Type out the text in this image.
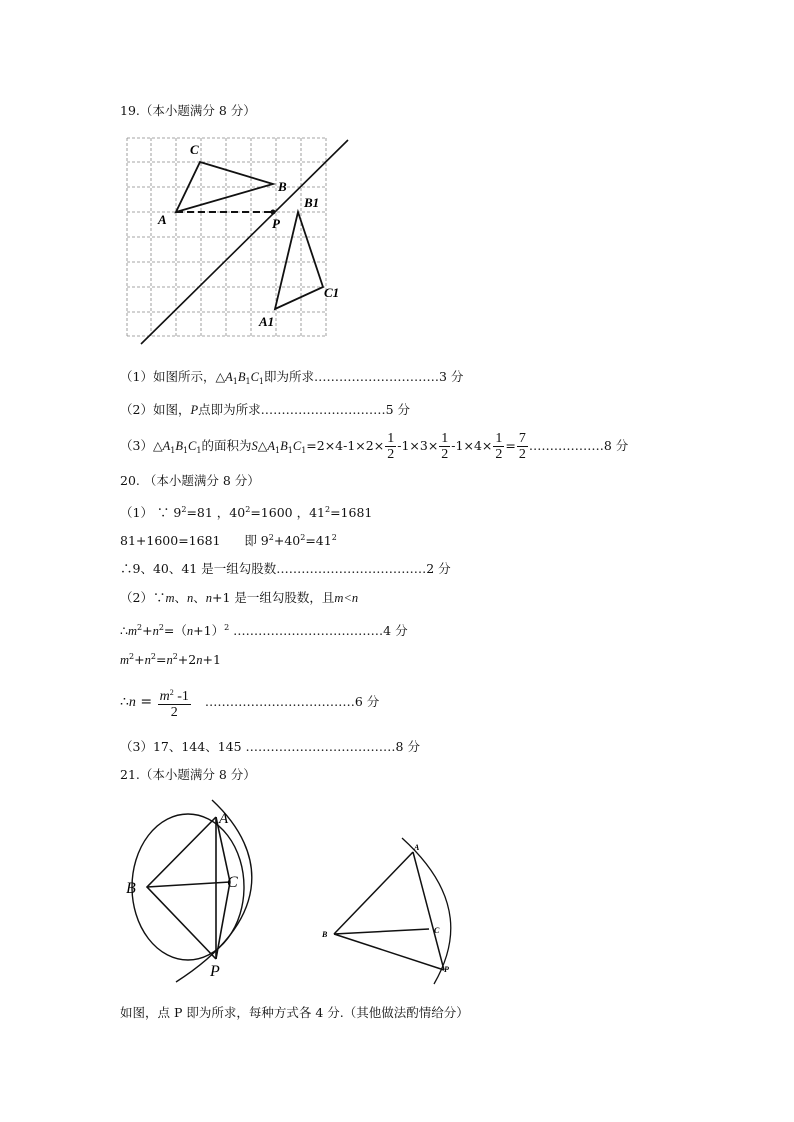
19.（本小题满分 8 分）
C
B
A	P
B1
C1
A1
（1）如图所示，$\triangle A_1B_1C_1$即为所求…………………………3 分
（2）如图，P点即为所求…………………………5 分
$(3)\triangle A_1B_1C_1$的面积为$S\triangle A_1B_1C_1=2\times 4-1\times 2\times \frac{1}{2} -1\times 3\times \frac{1}{2} -1\times 4\times \frac{1}{2} = \frac{7}{2}$ ………………8 分
20. （本小题满分 8 分）
（1） ∵ $9^2=81$ ，$40^2=1600$ ，$41^2=1681$
81+1600=1681      即 $9^2+40^2=41^2$
∴9、40、41 是一组勾股数………………………………2 分
（2）∵m、n、n+1 是一组勾股数，且m<n
$\therefore m^2+n^2=(n+1)^2$ ………………………………4 分
$m^2+n^2=n^2+2n+1$
∴n = $\frac{m^2 -1}{2}$ ………………………………6 分
（3）17、144、145 ………………………………8 分
21.（本小题满分 8 分）
A
B	C
P
A
B	C
P
如图，点 P 即为所求，每种方式各 4 分.（其他做法酌情给分）
